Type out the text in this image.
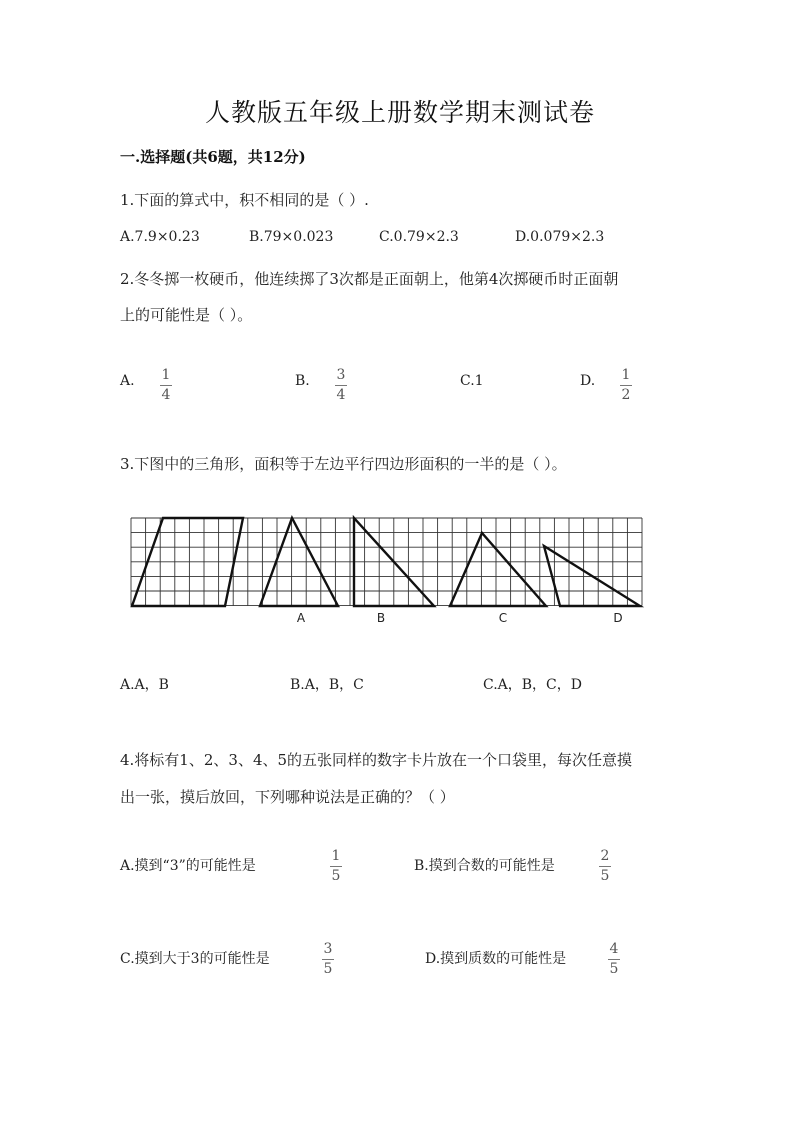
人教版五年级上册数学期末测试卷
一.选择题(共6题，共12分)
1.下面的算式中，积不相同的是（ ）.
A.7.9×0.23	B.79×0.023	C.0.79×2.3	D.0.079×2.3
2.冬冬掷一枚硬币，他连续掷了3次都是正面朝上，他第4次掷硬币时正面朝
上的可能性是（ ）。
A. 1
4
B. 3
4
C.1	D. 1
2
3.下图中的三角形，面积等于左边平行四边形面积的一半的是（ ）。
A	B	C	D
A.A，B	B.A，B，C	C.A，B，C，D
4.将标有1、2、3、4、5的五张同样的数字卡片放在一个口袋里，每次任意摸
出一张，摸后放回，下列哪种说法是正确的？（ ）
A.摸到“3”的可能性是
1
5
B.摸到合数的可能性是
2
5
C.摸到大于3的可能性是
3
5
D.摸到质数的可能性是
4
5
